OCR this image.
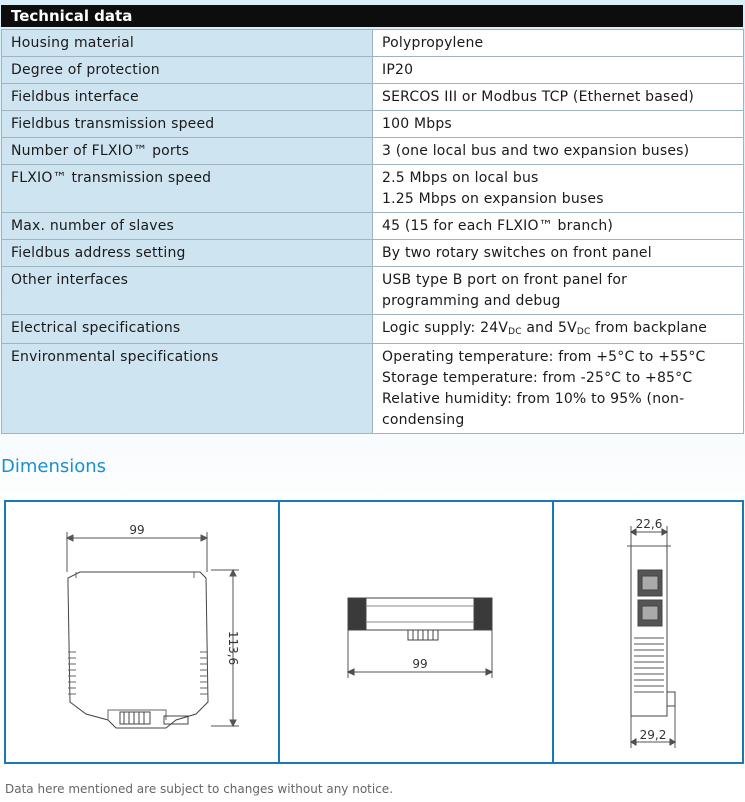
Technical data
Housing material	Polypropylene

Degree of protection	IP20

Fieldbus interface	SERCOS III or Modbus TCP (Ethernet based)

Fieldbus transmission speed	100 Mbps

Number of FLXIO™ ports	3 (one local bus and two expansion buses)

FLXIO™ transmission speed	2.5 Mbps on local bus
1.25 Mbps on expansion buses

Max. number of slaves	45 (15 for each FLXIO™ branch)

Fieldbus address setting	By two rotary switches on front panel

Other interfaces	USB type B port on front panel for
programming and debug

Electrical specifications	Logic supply: 24VDC and 5VDC from backplane
Environmental specifications	Operating temperature: from +5°C to +55°C
Storage temperature: from -25°C to +85°C
Relative humidity: from 10% to 95% (non-
condensing
Dimensions
99
113,6	99
22,6
29,2
Data here mentioned are subject to changes without any notice.
